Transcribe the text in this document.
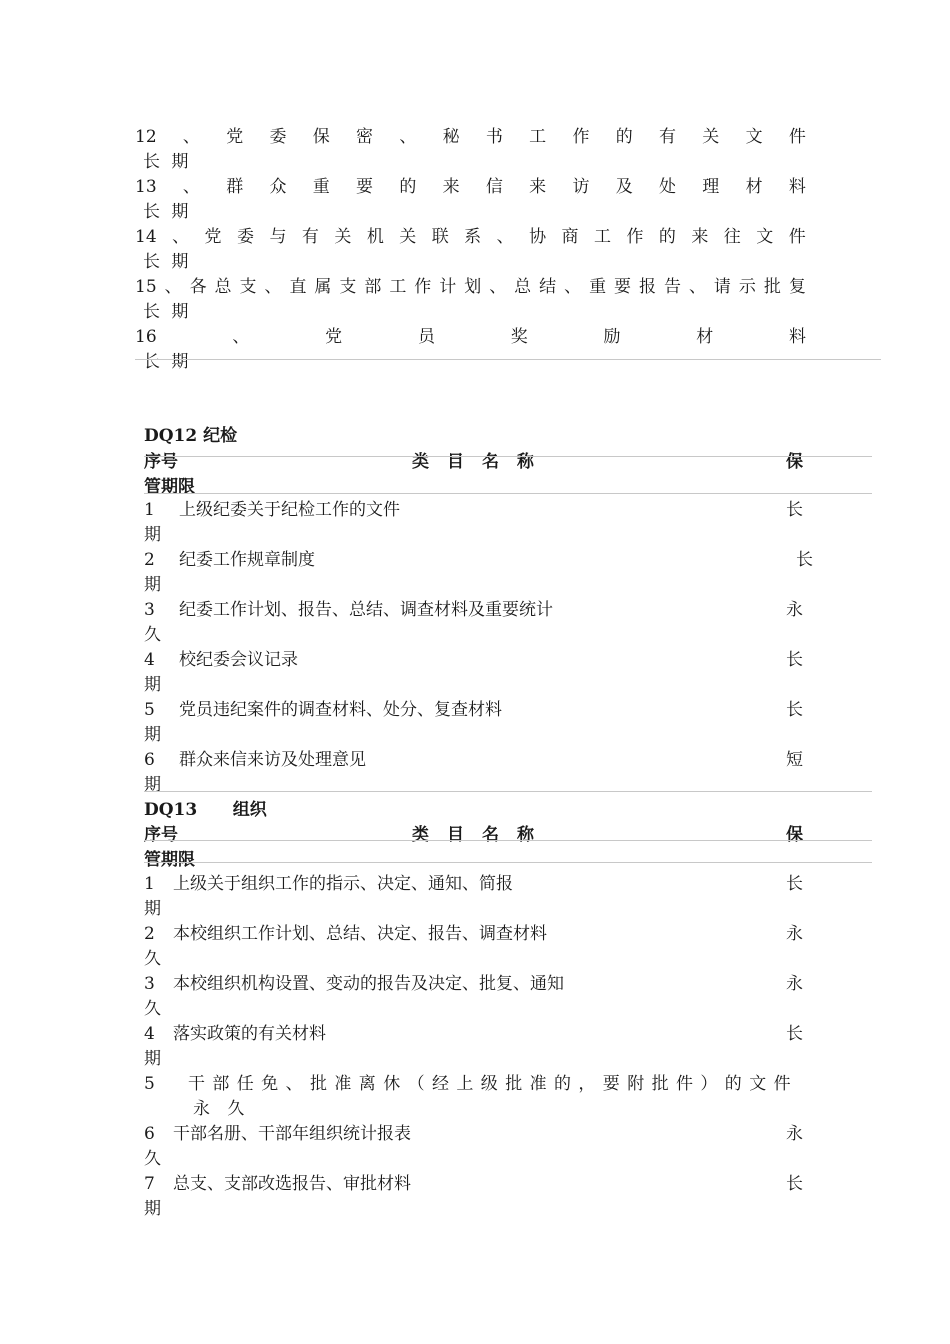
12 、 党 委 保 密 、 秘 书 工 作 的 有 关 文 件
长 期
13 、 群 众 重 要 的 来 信 来 访 及 处 理 材 料
长 期
14 、 党 委 与 有 关 机 关 联 系 、 协 商 工 作 的 来 往 文 件
长 期
15 、 各 总 支 、 直 属 支 部 工 作 计 划 、 总 结 、 重 要 报 告 、 请 示 批 复
长 期
16	、	党	员	奖	励	材	料
长 期
DQ12 纪检
序号	类目名称	保
管期限
1 上级纪委关于纪检工作的文件	长
期
2 纪委工作规章制度	长
期
3 纪委工作计划、报告、总结、调查材料及重要统计	永
久
4 校纪委会议记录	长
期
5 党员违纪案件的调查材料、处分、复查材料	长
期
6 群众来信来访及处理意见	短
期
DQ13      组织
序号	类目名称	保
管期限
1 上级关于组织工作的指示、决定、通知、简报	长
期
2 本校组织工作计划、总结、决定、报告、调查材料	永
久
3 本校组织机构设置、变动的报告及决定、批复、通知	永
久
4 落实政策的有关材料	长
期
5 干部任免、批准离休（经上级批准的，要附批件）的文件
永 久
6 干部名册、干部年组织统计报表	永
久
7 总支、支部改选报告、审批材料	长
期
